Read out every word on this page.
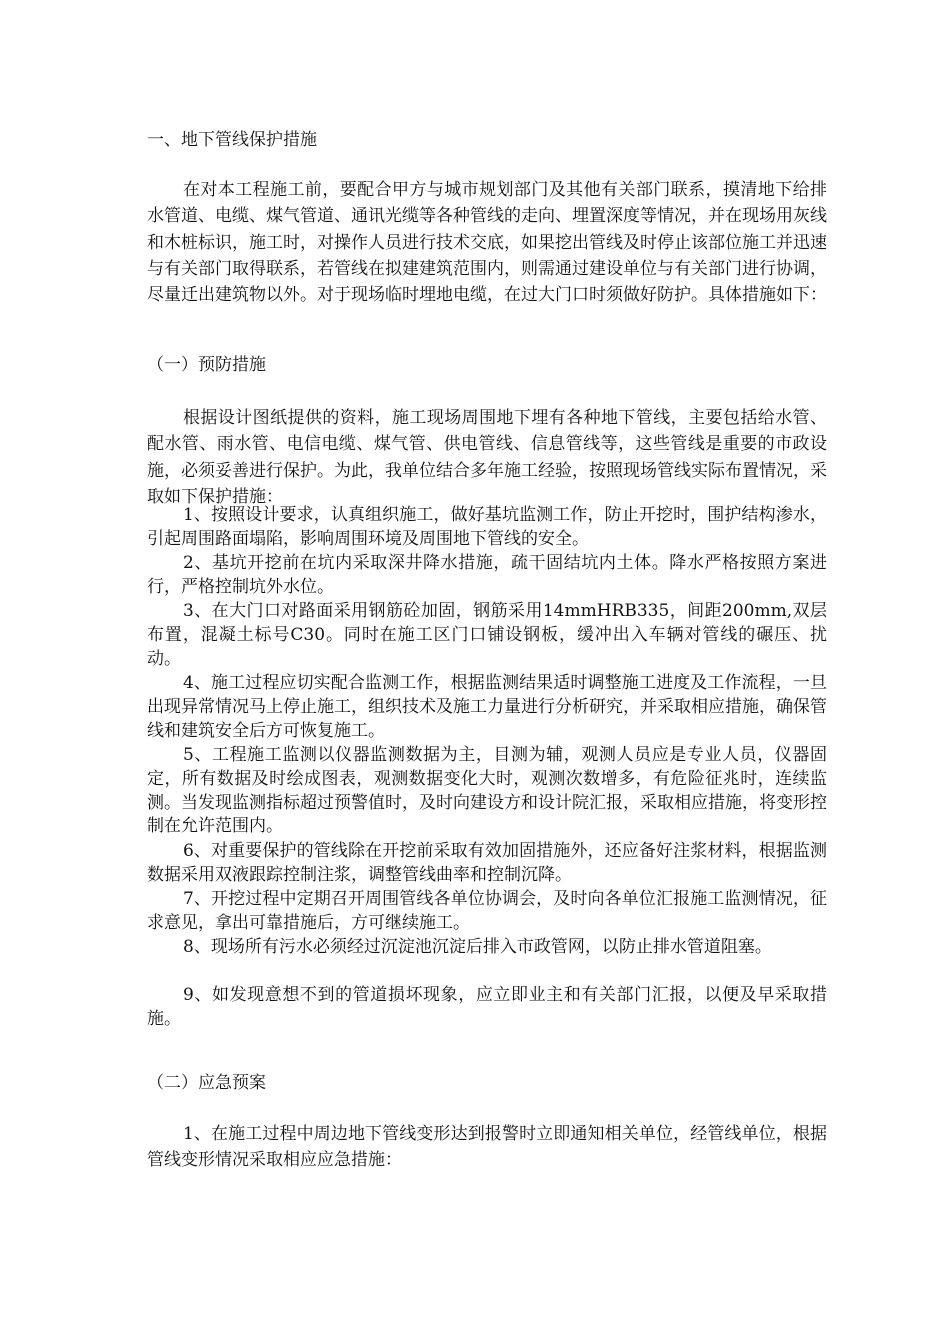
一、地下管线保护措施

在对本工程施工前，要配合甲方与城市规划部门及其他有关部门联系，摸清地下给排水管道、电缆、煤气管道、通讯光缆等各种管线的走向、埋置深度等情况，并在现场用灰线和木桩标识，施工时，对操作人员进行技术交底，如果挖出管线及时停止该部位施工并迅速与有关部门取得联系，若管线在拟建建筑范围内，则需通过建设单位与有关部门进行协调，尽量迁出建筑物以外。对于现场临时埋地电缆，在过大门口时须做好防护。具体措施如下：

（一）预防措施

根据设计图纸提供的资料，施工现场周围地下埋有各种地下管线，主要包括给水管、配水管、雨水管、电信电缆、煤气管、供电管线、信息管线等，这些管线是重要的市政设施，必须妥善进行保护。为此，我单位结合多年施工经验，按照现场管线实际布置情况，采取如下保护措施：

1、按照设计要求，认真组织施工，做好基坑监测工作，防止开挖时，围护结构渗水，引起周围路面塌陷，影响周围环境及周围地下管线的安全。

2、基坑开挖前在坑内采取深井降水措施，疏干固结坑内土体。降水严格按照方案进行，严格控制坑外水位。

3、在大门口对路面采用钢筋砼加固，钢筋采用14mmHRB335，间距200mm,双层布置，混凝土标号C30。同时在施工区门口铺设钢板，缓冲出入车辆对管线的碾压、扰动。

4、施工过程应切实配合监测工作，根据监测结果适时调整施工进度及工作流程，一旦出现异常情况马上停止施工，组织技术及施工力量进行分析研究，并采取相应措施，确保管线和建筑安全后方可恢复施工。

5、工程施工监测以仪器监测数据为主，目测为辅，观测人员应是专业人员，仪器固定，所有数据及时绘成图表，观测数据变化大时，观测次数增多，有危险征兆时，连续监测。当发现监测指标超过预警值时，及时向建设方和设计院汇报，采取相应措施，将变形控制在允许范围内。

6、对重要保护的管线除在开挖前采取有效加固措施外，还应备好注浆材料，根据监测数据采用双液跟踪控制注浆，调整管线曲率和控制沉降。

7、开挖过程中定期召开周围管线各单位协调会，及时向各单位汇报施工监测情况，征求意见，拿出可靠措施后，方可继续施工。

8、现场所有污水必须经过沉淀池沉淀后排入市政管网，以防止排水管道阻塞。

9、如发现意想不到的管道损坏现象，应立即业主和有关部门汇报，以便及早采取措施。

（二）应急预案

1、在施工过程中周边地下管线变形达到报警时立即通知相关单位，经管线单位，根据管线变形情况采取相应应急措施：
